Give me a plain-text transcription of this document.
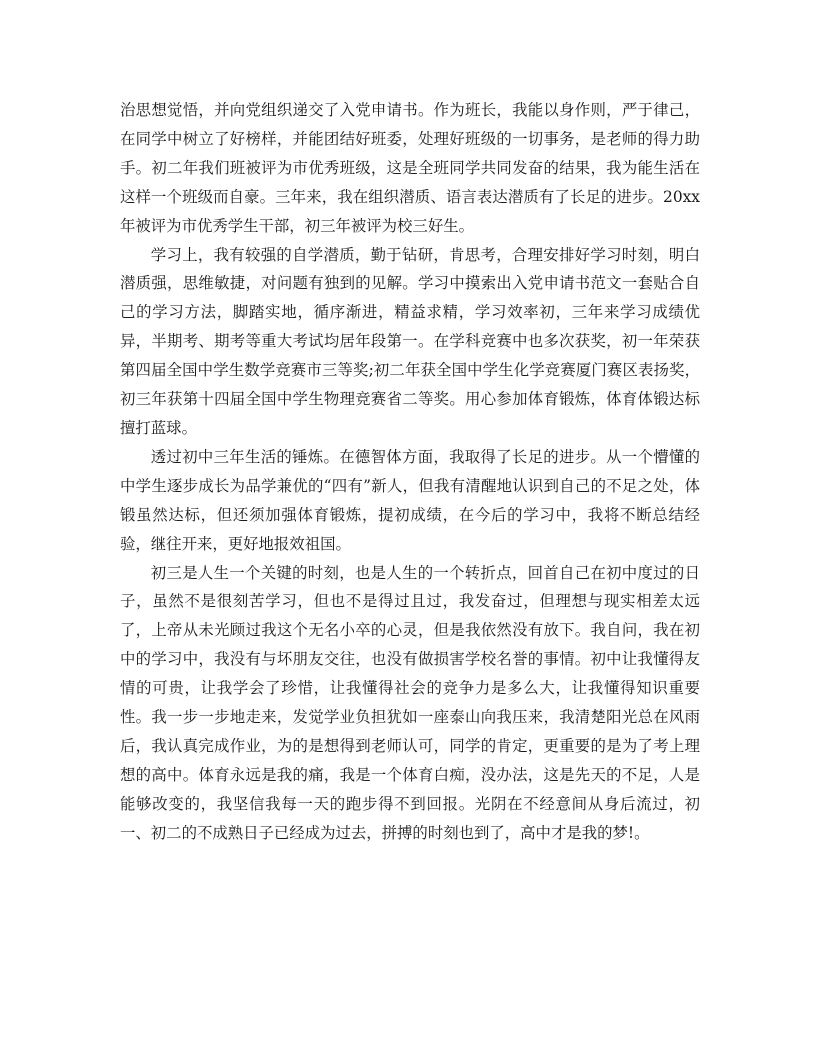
治思想觉悟，并向党组织递交了入党申请书。作为班长，我能以身作则，严于律己，在同学中树立了好榜样，并能团结好班委，处理好班级的一切事务，是老师的得力助手。初二年我们班被评为市优秀班级，这是全班同学共同发奋的结果，我为能生活在这样一个班级而自豪。三年来，我在组织潜质、语言表达潜质有了长足的进步。20xx 年被评为市优秀学生干部，初三年被评为校三好生。

学习上，我有较强的自学潜质，勤于钻研，肯思考，合理安排好学习时刻，明白潜质强，思维敏捷，对问题有独到的见解。学习中摸索出入党申请书范文一套贴合自己的学习方法，脚踏实地，循序渐进，精益求精，学习效率初，三年来学习成绩优异，半期考、期考等重大考试均居年段第一。在学科竞赛中也多次获奖，初一年荣获第四届全国中学生数学竞赛市三等奖;初二年获全国中学生化学竞赛厦门赛区表扬奖，初三年获第十四届全国中学生物理竞赛省二等奖。用心参加体育锻炼，体育体锻达标擅打蓝球。

透过初中三年生活的锤炼。在德智体方面，我取得了长足的进步。从一个懵懂的中学生逐步成长为品学兼优的“四有”新人，但我有清醒地认识到自己的不足之处，体锻虽然达标，但还须加强体育锻炼，提初成绩，在今后的学习中，我将不断总结经验，继往开来，更好地报效祖国。

初三是人生一个关键的时刻，也是人生的一个转折点，回首自己在初中度过的日子，虽然不是很刻苦学习，但也不是得过且过，我发奋过，但理想与现实相差太远了，上帝从未光顾过我这个无名小卒的心灵，但是我依然没有放下。我自问，我在初中的学习中，我没有与坏朋友交往，也没有做损害学校名誉的事情。初中让我懂得友情的可贵，让我学会了珍惜，让我懂得社会的竞争力是多么大，让我懂得知识重要性。我一步一步地走来，发觉学业负担犹如一座泰山向我压来，我清楚阳光总在风雨后，我认真完成作业，为的是想得到老师认可，同学的肯定，更重要的是为了考上理想的高中。体育永远是我的痛，我是一个体育白痴，没办法，这是先天的不足，人是能够改变的，我坚信我每一天的跑步得不到回报。光阴在不经意间从身后流过，初一、初二的不成熟日子已经成为过去，拼搏的时刻也到了，高中才是我的梦!。
